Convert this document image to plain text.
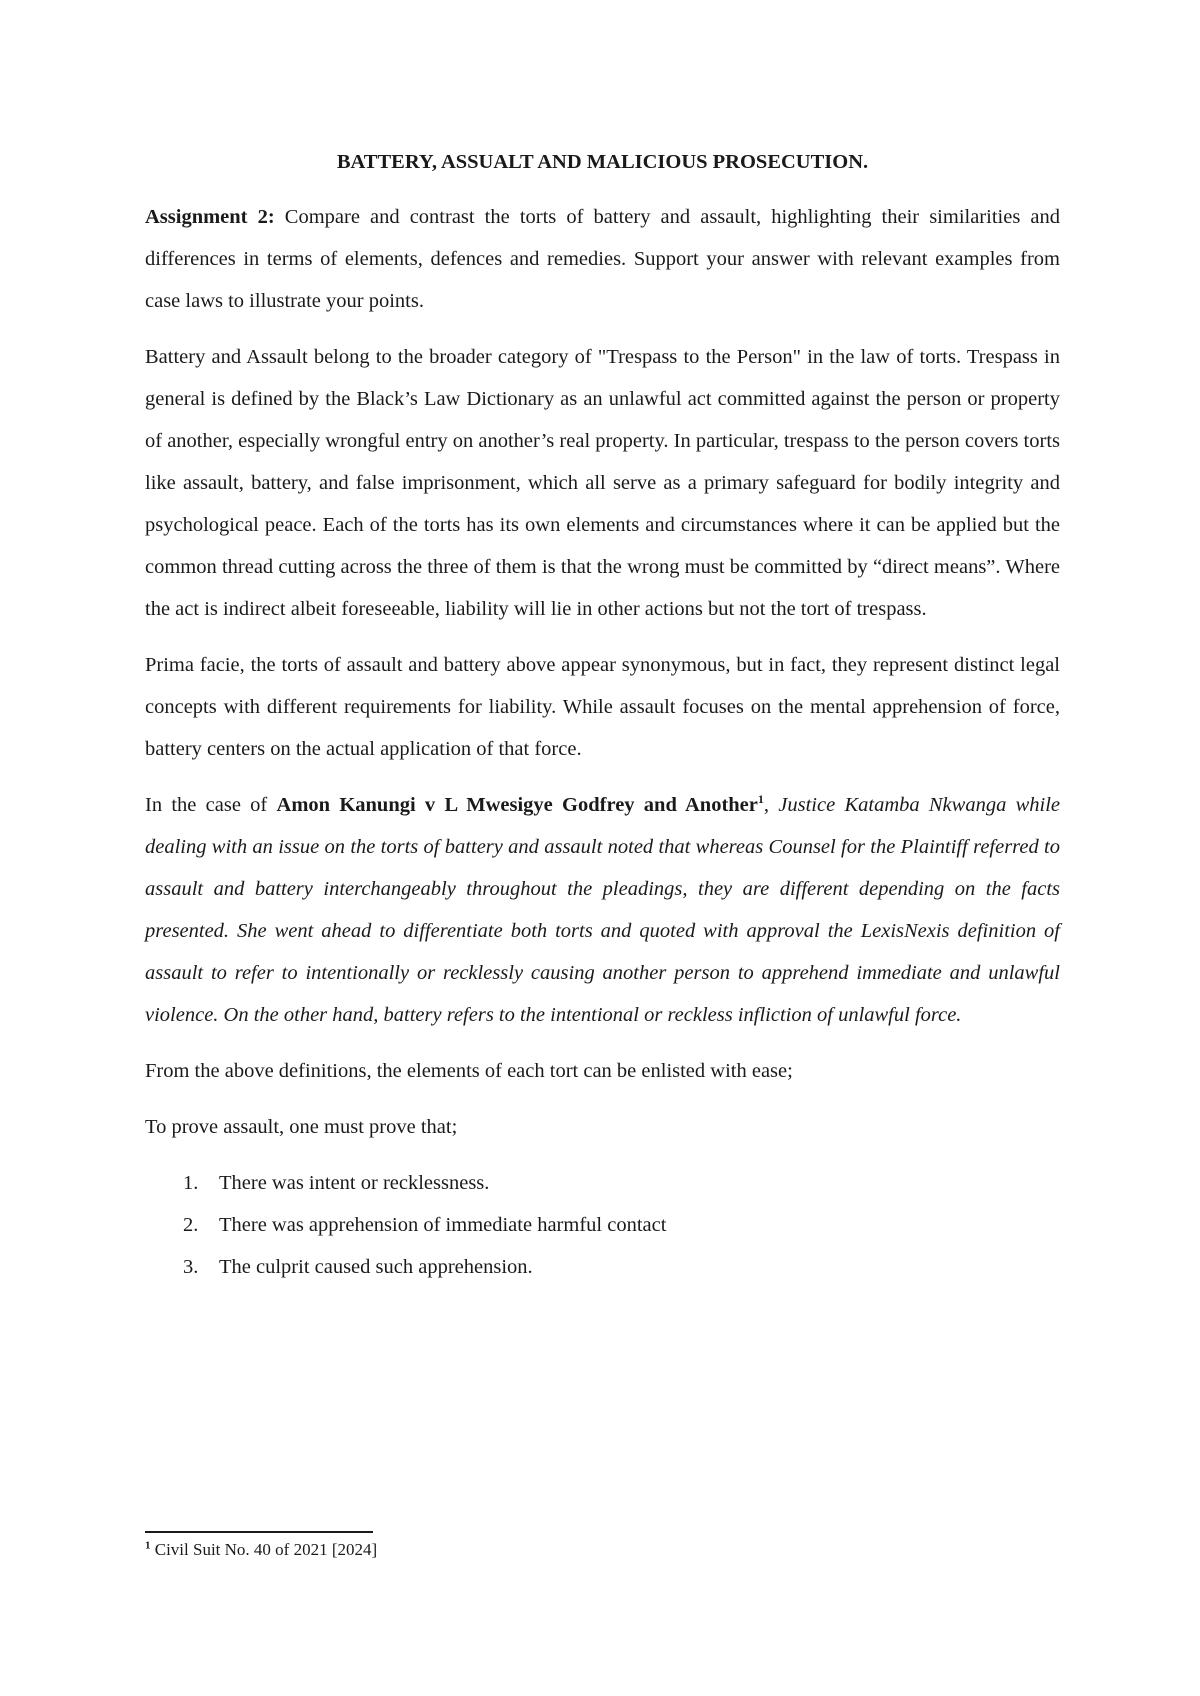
BATTERY, ASSUALT AND MALICIOUS PROSECUTION.

Assignment 2: Compare and contrast the torts of battery and assault, highlighting their similarities and differences in terms of elements, defences and remedies. Support your answer with relevant examples from case laws to illustrate your points.

Battery and Assault belong to the broader category of "Trespass to the Person" in the law of torts. Trespass in general is defined by the Black’s Law Dictionary as an unlawful act committed against the person or property of another, especially wrongful entry on another’s real property. In particular, trespass to the person covers torts like assault, battery, and false imprisonment, which all serve as a primary safeguard for bodily integrity and psychological peace. Each of the torts has its own elements and circumstances where it can be applied but the common thread cutting across the three of them is that the wrong must be committed by “direct means”. Where the act is indirect albeit foreseeable, liability will lie in other actions but not the tort of trespass.

Prima facie, the torts of assault and battery above appear synonymous, but in fact, they represent distinct legal concepts with different requirements for liability. While assault focuses on the mental apprehension of force, battery centers on the actual application of that force.

In the case of Amon Kanungi v L Mwesigye Godfrey and Another$^1$, Justice Katamba Nkwanga while dealing with an issue on the torts of battery and assault noted that whereas Counsel for the Plaintiff referred to assault and battery interchangeably throughout the pleadings, they are different depending on the facts presented. She went ahead to differentiate both torts and quoted with approval the LexisNexis definition of assault to refer to intentionally or recklessly causing another person to apprehend immediate and unlawful violence. On the other hand, battery refers to the intentional or reckless infliction of unlawful force.

From the above definitions, the elements of each tort can be enlisted with ease;

To prove assault, one must prove that;

1.	There was intent or recklessness.
2.	There was apprehension of immediate harmful contact
3.	The culprit caused such apprehension.
$^1$ Civil Suit No. 40 of 2021 [2024]
